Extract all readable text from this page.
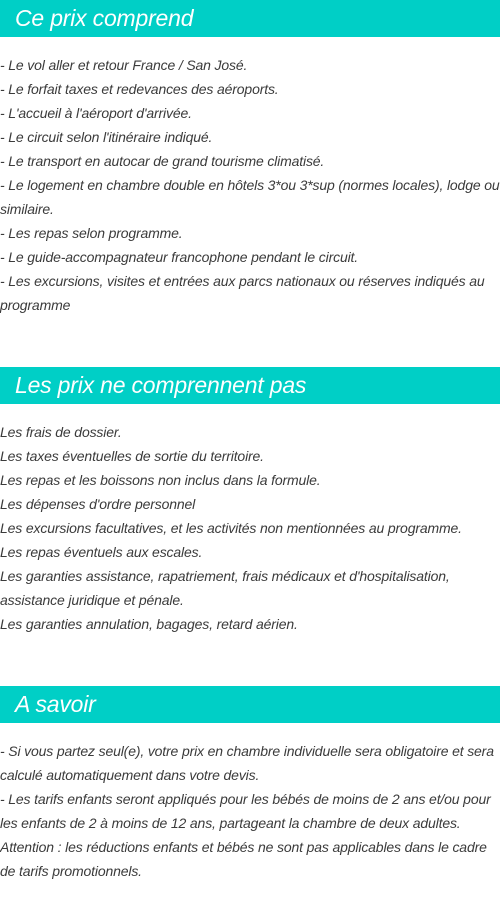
Ce prix comprend
- Le vol aller et retour France / San José.
- Le forfait taxes et redevances des aéroports.
- L'accueil à l'aéroport d'arrivée.
- Le circuit selon l'itinéraire indiqué.
- Le transport en autocar de grand tourisme climatisé.
- Le logement en chambre double en hôtels 3*ou 3*sup (normes locales), lodge ou similaire.
- Les repas selon programme.
- Le guide-accompagnateur francophone pendant le circuit.
- Les excursions, visites et entrées aux parcs nationaux ou réserves indiqués au programme
Les prix ne comprennent pas
Les frais de dossier.
Les taxes éventuelles de sortie du territoire.
Les repas et les boissons non inclus dans la formule.
Les dépenses d'ordre personnel
Les excursions facultatives, et les activités non mentionnées au programme.
Les repas éventuels aux escales.
Les garanties assistance, rapatriement, frais médicaux et d'hospitalisation, assistance juridique et pénale.
Les garanties annulation, bagages, retard aérien.
A savoir
- Si vous partez seul(e), votre prix en chambre individuelle sera obligatoire et sera calculé automatiquement dans votre devis.
- Les tarifs enfants seront appliqués pour les bébés de moins de 2 ans et/ou pour les enfants de 2 à moins de 12 ans, partageant la chambre de deux adultes.
Attention : les réductions enfants et bébés ne sont pas applicables dans le cadre de tarifs promotionnels.
